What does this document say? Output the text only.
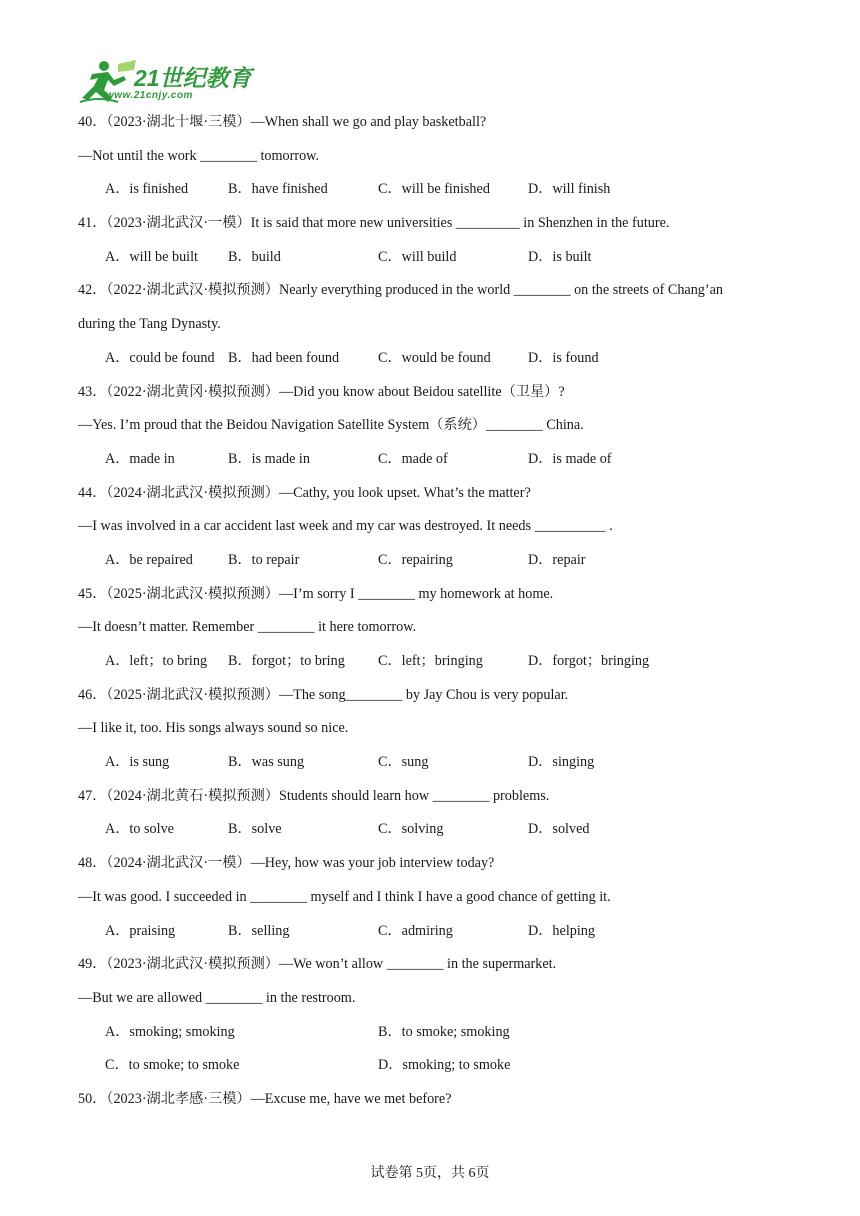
21世纪教育
www.21cnjy.com
40．（2023·湖北十堰·三模）—When shall we go and play basketball?
—Not until the work ________ tomorrow.
A．is finished	B．have finished	C．will be finished	D．will finish
41．（2023·湖北武汉·一模）It is said that more new universities _________ in Shenzhen in the future.
A．will be built B．build	C．will build	D．is built
42．（2022·湖北武汉·模拟预测）Nearly everything produced in the world ________ on the streets of Chang’an
during the Tang Dynasty.
A．could be found B．had been found	C．would be found	D．is found
43．（2022·湖北黄冈·模拟预测）—Did you know about Beidou satellite（卫星）?
—Yes. I’m proud that the Beidou Navigation Satellite System（系统）________ China.
A．made in	B．is made in	C．made of	D．is made of
44．（2024·湖北武汉·模拟预测）—Cathy, you look upset. What’s the matter?
—I was involved in a car accident last week and my car was destroyed. It needs __________ .
A．be repaired B．to repair	C．repairing	D．repair
45．（2025·湖北武汉·模拟预测）—I’m sorry I ________ my homework at home.
—It doesn’t matter. Remember ________ it here tomorrow.
A．left；to bring B．forgot；to bring C．left；bringing	D．forgot；bringing
46．（2025·湖北武汉·模拟预测）—The song________ by Jay Chou is very popular.
—I like it, too. His songs always sound so nice.
A．is sung	B．was sung	C．sung	D．singing
47．（2024·湖北黄石·模拟预测）Students should learn how ________ problems.
A．to solve	B．solve	C．solving	D．solved
48．（2024·湖北武汉·一模）—Hey, how was your job interview today?
—It was good. I succeeded in ________ myself and I think I have a good chance of getting it.
A．praising	B．selling	C．admiring	D．helping
49．（2023·湖北武汉·模拟预测）—We won’t allow ________ in the supermarket.
—But we are allowed ________ in the restroom.
A．smoking; smoking	B．to smoke; smoking
C．to smoke; to smoke	D．smoking; to smoke
50．（2023·湖北孝感·三模）—Excuse me, have we met before?
试卷第 5页，共 6页
